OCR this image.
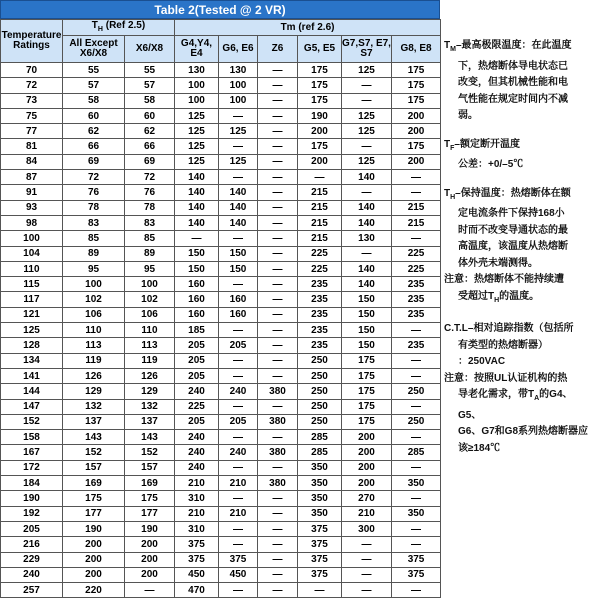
Table 2(Tested @ 2 VR)
Temperature Ratings	$T_H$ (Ref 2.5)		Tm (ref 2.6)					
	All Except X6/X8	X6/X8	G4,Y4, E4	G6, E6	Z6	G5, E5	G7,S7, E7, S7	G8, E8
70	55	55	130	130	—	175	125	175
72	57	57	100	100	—	175	—	175
73	58	58	100	100	—	175	—	175
75	60	60	125	—	—	190	125	200
77	62	62	125	125	—	200	125	200
81	66	66	125	—	—	175	—	175
84	69	69	125	125	—	200	125	200
87	72	72	140	—	—	—	140	—
91	76	76	140	140	—	215	—	—
93	78	78	140	140	—	215	140	215
98	83	83	140	140	—	215	140	215
100	85	85	—	—	—	215	130	—
104	89	89	150	150	—	225	—	225
110	95	95	150	150	—	225	140	225
115	100	100	160	—	—	235	140	235
117	102	102	160	160	—	235	150	235
121	106	106	160	160	—	235	150	235
125	110	110	185	—	—	235	150	—
128	113	113	205	205	—	235	150	235
134	119	119	205	—	—	250	175	—
141	126	126	205	—	—	250	175	—
144	129	129	240	240	380	250	175	250
147	132	132	225	—	—	250	175	—
152	137	137	205	205	380	250	175	250
158	143	143	240	—	—	285	200	—
167	152	152	240	240	380	285	200	285
172	157	157	240	—	—	350	200	—
184	169	169	210	210	380	350	200	350
190	175	175	310	—	—	350	270	—
192	177	177	210	210	—	350	210	350
205	190	190	310	—	—	375	300	—
216	200	200	375	—	—	375	—	—
229	200	200	375	375	—	375	—	375
240	200	200	450	450	—	375	—	375
257	220	—	470	—	—	—	—	—

$T_M-$最高极限温度：在此温度

下，热熔断体导电状态已

改变，但其机械性能和电

气性能在规定时间内不减

弱。

$T_F-$额定断开温度

公差：+0/–5℃

$T_H-$保持温度：热熔断体在额

定电流条件下保持168小

时而不改变导通状态的最

高温度，该温度从热熔断

体外壳未端测得。

注意：热熔断体不能持续遭

受超过$T_H$的温度。

C.T.L–相对追踪指数（包括所

有类型的热熔断器）

：250VAC

注意：按照UL认证机构的热

导老化需求，带$T_A$的G4、G5、

G6、G7和G8系列热熔断器应

该≥184℃
